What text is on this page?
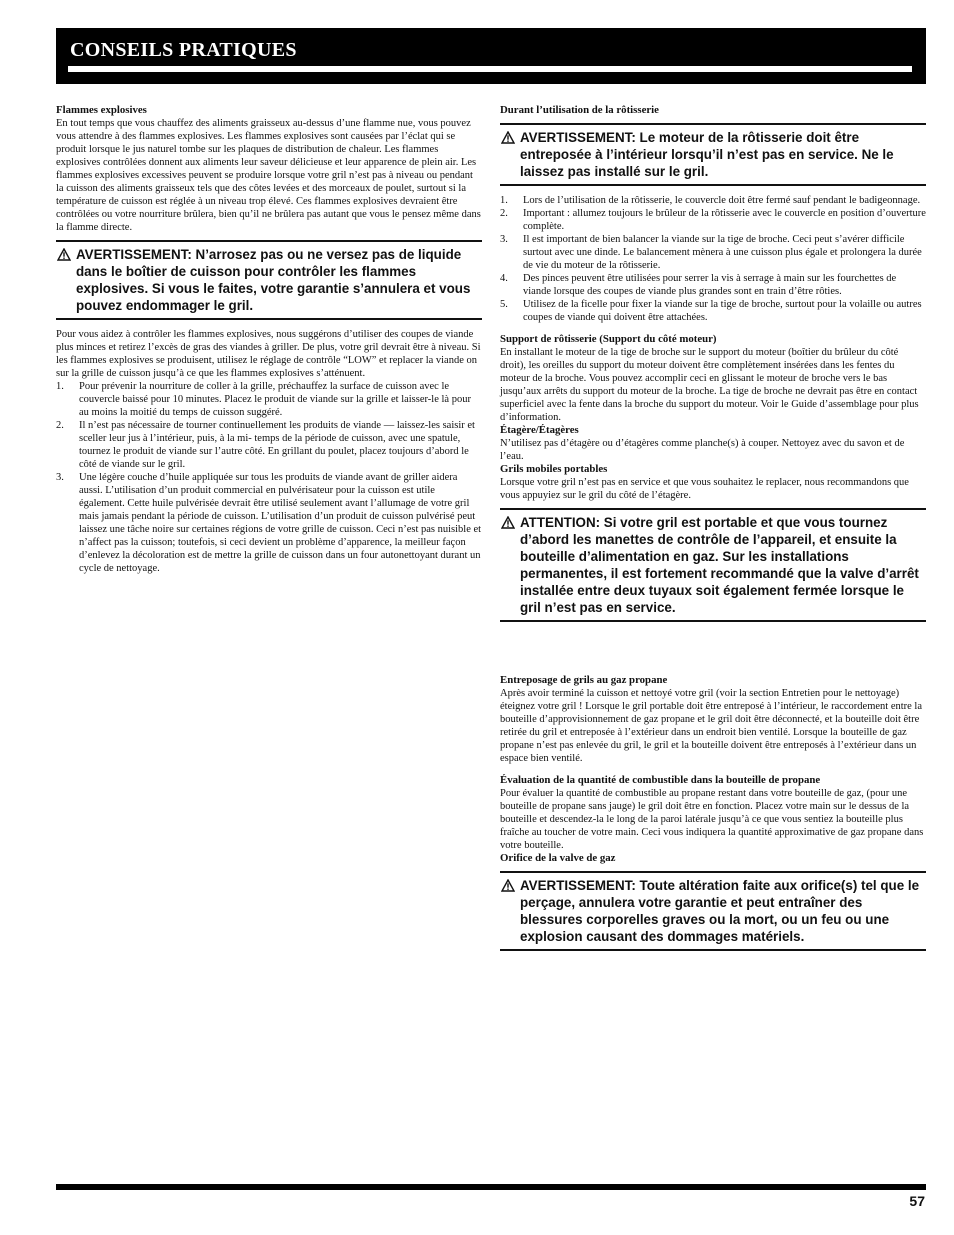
CONSEILS PRATIQUES
Flammes explosives

En tout temps que vous chauffez des aliments graisseux au-dessus d’une flamme nue, vous pouvez vous attendre à des flammes explosives. Les flammes explosives sont causées par l’éclat qui se produit lorsque le jus naturel tombe sur les plaques de distribution de chaleur. Les flammes explosives contrôlées donnent aux aliments leur saveur délicieuse et leur apparence de plein air. Les flammes explosives excessives peuvent se produire lorsque votre gril n’est pas à niveau ou pendant la cuisson des aliments graisseux tels que des côtes levées et des morceaux de poulet, surtout si la température de cuisson est réglée à un niveau trop élevé. Ces flammes explosives devraient être contrôlées ou votre nourriture brûlera, bien qu’il ne brûlera pas autant que vous le pensez même dans la flamme directe.

AVERTISSEMENT: N’arrosez pas ou ne versez pas de liquide dans le boîtier de cuisson pour contrôler les flammes explosives. Si vous le faites, votre garantie s’annulera et vous pouvez endommager le gril.

Pour vous aidez à contrôler les flammes explosives, nous suggérons d’utiliser des coupes de viande plus minces et retirez l’excès de gras des viandes à griller. De plus, votre gril devrait être à niveau. Si les flammes explosives se produisent, utilisez le réglage de contrôle “LOW” et replacer la viande on sur la grille de cuisson jusqu’à ce que les flammes explosives s’atténuent.

1. Pour prévenir la nourriture de coller à la grille, préchauffez la surface de cuisson avec le couvercle baissé pour 10 minutes. Placez le produit de viande sur la grille et laisser-le là pour au moins la moitié du temps de cuisson suggéré.
2. Il n’est pas nécessaire de tourner continuellement les produits de viande — laissez-les saisir et sceller leur jus à l’intérieur, puis, à la mi- temps de la période de cuisson, avec une spatule, tournez le produit de viande sur l’autre côté. En grillant du poulet, placez toujours d’abord le côté de viande sur le gril.
3. Une légère couche d’huile appliquée sur tous les produits de viande avant de griller aidera aussi. L’utilisation d’un produit commercial en pulvérisateur pour la cuisson est utile également. Cette huile pulvérisée devrait être utilisé seulement avant l’allumage de votre gril mais jamais pendant la période de cuisson. L’utilisation d’un produit de cuisson pulvérisé peut laissez une tâche noire sur certaines régions de votre grille de cuisson. Ceci n’est pas nuisible et n’affect pas la cuisson; toutefois, si ceci devient un problème d’apparence, la meilleur façon d’enlevez la décoloration est de mettre la grille de cuisson dans un four autonettoyant durant un cycle de nettoyage.
Durant l’utilisation de la rôtisserie
AVERTISSEMENT: Le moteur de la rôtisserie doit être entreposée à l’intérieur lorsqu’il n’est pas en service. Ne le laissez pas installé sur le gril.
1. Lors de l’utilisation de la rôtisserie, le couvercle doit être fermé sauf pendant le badigeonnage.
2. Important : allumez toujours le brûleur de la rôtisserie avec le couvercle en position d’ouverture complète.
3. Il est important de bien balancer la viande sur la tige de broche. Ceci peut s’avérer difficile surtout avec une dinde. Le balancement mènera à une cuisson plus égale et prolongera la durée de vie du moteur de la rôtisserie.
4. Des pinces peuvent être utilisées pour serrer la vis à serrage à main sur les fourchettes de viande lorsque des coupes de viande plus grandes sont en train d’être rôties.
5. Utilisez de la ficelle pour fixer la viande sur la tige de broche, surtout pour la volaille ou autres coupes de viande qui doivent être attachées.
Support de rôtisserie (Support du côté moteur)

En installant le moteur de la tige de broche sur le support du moteur (boîtier du brûleur du côté droit), les oreilles du support du moteur doivent être complètement insérées dans les fentes du moteur de la broche. Vous pouvez accomplir ceci en glissant le moteur de broche vers le bas jusqu’aux arrêts du support du moteur de la broche. La tige de broche ne devrait pas être en contact superficiel avec la fente dans la broche du support du moteur. Voir le Guide d’assemblage pour plus d’information.

Étagère/Étagères

N’utilisez pas d’étagère ou d’étagères comme planche(s) à couper. Nettoyez avec du savon et de l’eau.

Grils mobiles portables

Lorsque votre gril n’est pas en service et que vous souhaitez le replacer, nous recommandons que vous appuyiez sur le gril du côté de l’étagère.

ATTENTION: Si votre gril est portable et que vous tournez d’abord les manettes de contrôle de l’appareil, et ensuite la bouteille d’alimentation en gaz. Sur les installations permanentes, il est fortement recommandé que la valve d’arrêt installée entre deux tuyaux soit également fermée lorsque le gril n’est pas en service.
Entreposage de grils au gaz propane

Après avoir terminé la cuisson et nettoyé votre gril (voir la section Entretien pour le nettoyage) éteignez votre gril ! Lorsque le gril portable doit être entreposé à l’intérieur, le raccordement entre la bouteille d’approvisionnement de gaz propane et le gril doit être déconnecté, et la bouteille doit être retirée du gril et entreposée à l’extérieur dans un endroit bien ventilé. Lorsque la bouteille de gaz propane n’est pas enlevée du gril, le gril et la bouteille doivent être entreposés à l’extérieur dans un espace bien ventilé.

Évaluation de la quantité de combustible dans la bouteille de propane

Pour évaluer la quantité de combustible au propane restant dans votre bouteille de gaz, (pour une bouteille de propane sans jauge) le gril doit être en fonction. Placez votre main sur le dessus de la bouteille et descendez-la le long de la paroi latérale jusqu’à ce que vous sentiez la bouteille plus fraîche au toucher de votre main. Ceci vous indiquera la quantité approximative de gaz propane dans votre bouteille.

Orifice de la valve de gaz
AVERTISSEMENT: Toute altération faite aux orifice(s) tel que le perçage, annulera votre garantie et peut entraîner des blessures corporelles graves ou la mort, ou un feu ou une explosion causant des dommages matériels.
57
